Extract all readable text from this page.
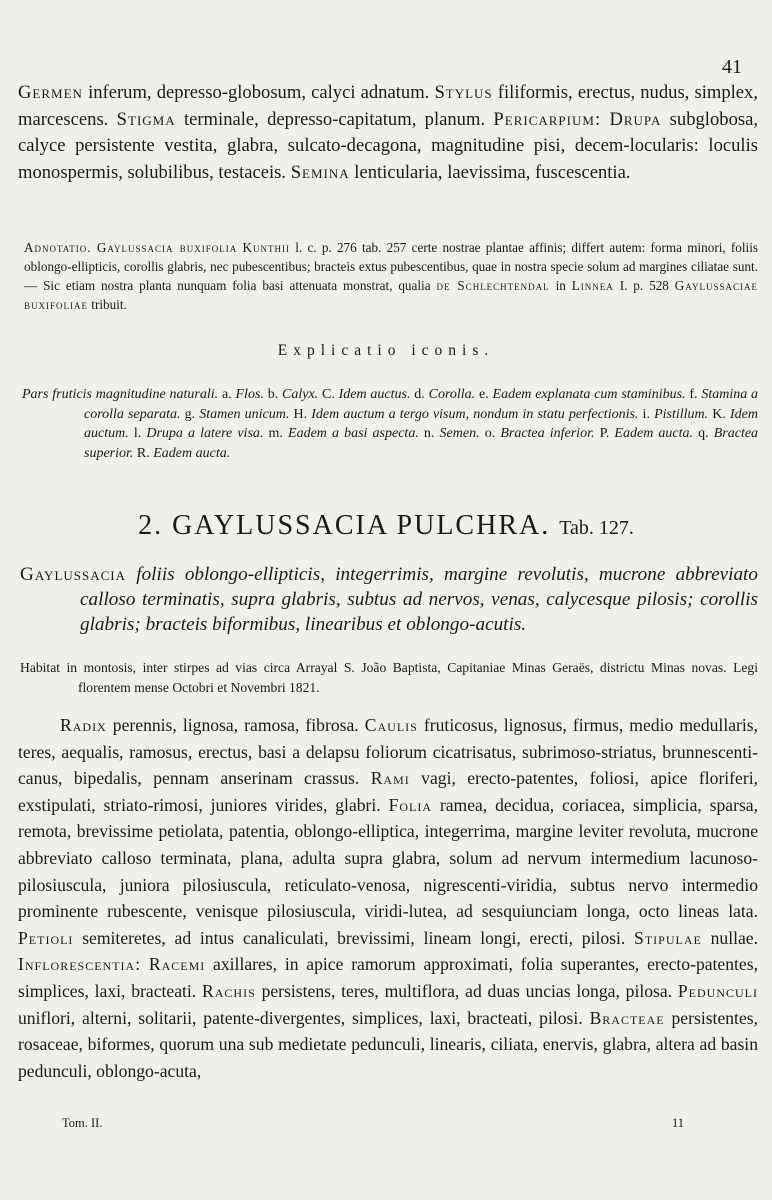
41
Germen inferum, depresso-globosum, calyci adnatum. Stylus filiformis, erectus, nudus, simplex, marcescens. Stigma terminale, depresso-capitatum, planum. Pericarpium: Drupa subglobosa, calyce persistente vestita, glabra, sulcato-decagona, magnitudine pisi, decem-locularis: loculis monospermis, solubilibus, testaceis. Semina lenticularia, laevissima, fuscescentia.
Adnotatio. Gaylussacia buxifolia Kunthii l. c. p. 276 tab. 257 certe nostrae plantae affinis; differt autem: forma minori, foliis oblongo-ellipticis, corollis glabris, nec pubescentibus; bracteis extus pubescentibus, quae in nostra specie solum ad margines ciliatae sunt. — Sic etiam nostra planta nunquam folia basi attenuata monstrat, qualia de Schlechtendal in Linnea I. p. 528 Gaylussaciae buxifoliae tribuit.
Explicatio iconis.
Pars fruticis magnitudine naturali. a. Flos. b. Calyx. C. Idem auctus. d. Corolla. e. Eadem explanata cum staminibus. f. Stamina a corolla separata. g. Stamen unicum. H. Idem auctum a tergo visum, nondum in statu perfectionis. i. Pistillum. K. Idem auctum. l. Drupa a latere visa. m. Eadem a basi aspecta. n. Semen. o. Bractea inferior. P. Eadem aucta. q. Bractea superior. R. Eadem aucta.
2. GAYLUSSACIA PULCHRA. Tab. 127.
Gaylussacia foliis oblongo-ellipticis, integerrimis, margine revolutis, mucrone abbreviato calloso terminatis, supra glabris, subtus ad nervos, venas, calycesque pilosis; corollis glabris; bracteis biformibus, linearibus et oblongo-acutis.
Habitat in montosis, inter stirpes ad vias circa Arrayal S. João Baptista, Capitaniae Minas Geraës, districtu Minas novas. Legi florentem mense Octobri et Novembri 1821.
Radix perennis, lignosa, ramosa, fibrosa. Caulis fruticosus, lignosus, firmus, medio medullaris, teres, aequalis, ramosus, erectus, basi a delapsu foliorum cicatrisatus, subrimoso-striatus, brunnescenti-canus, bipedalis, pennam anserinam crassus. Rami vagi, erecto-patentes, foliosi, apice floriferi, exstipulati, striato-rimosi, juniores virides, glabri. Folia ramea, decidua, coriacea, simplicia, sparsa, remota, brevissime petiolata, patentia, oblongo-elliptica, integerrima, margine leviter revoluta, mucrone abbreviato calloso terminata, plana, adulta supra glabra, solum ad nervum intermedium lacunoso-pilosiuscula, juniora pilosiuscula, reticulato-venosa, nigrescenti-viridia, subtus nervo intermedio prominente rubescente, venisque pilosiuscula, viridi-lutea, ad sesquiunciam longa, octo lineas lata. Petioli semiteretes, ad intus canaliculati, brevissimi, lineam longi, erecti, pilosi. Stipulae nullae. Inflorescentia: Racemi axillares, in apice ramorum approximati, folia superantes, erecto-patentes, simplices, laxi, bracteati. Rachis persistens, teres, multiflora, ad duas uncias longa, pilosa. Pedunculi uniflori, alterni, solitarii, patente-divergentes, simplices, laxi, bracteati, pilosi. Bracteae persistentes, rosaceae, biformes, quorum una sub medietate pedunculi, linearis, ciliata, enervis, glabra, altera ad basin pedunculi, oblongo-acuta,
Tom. II.	11
